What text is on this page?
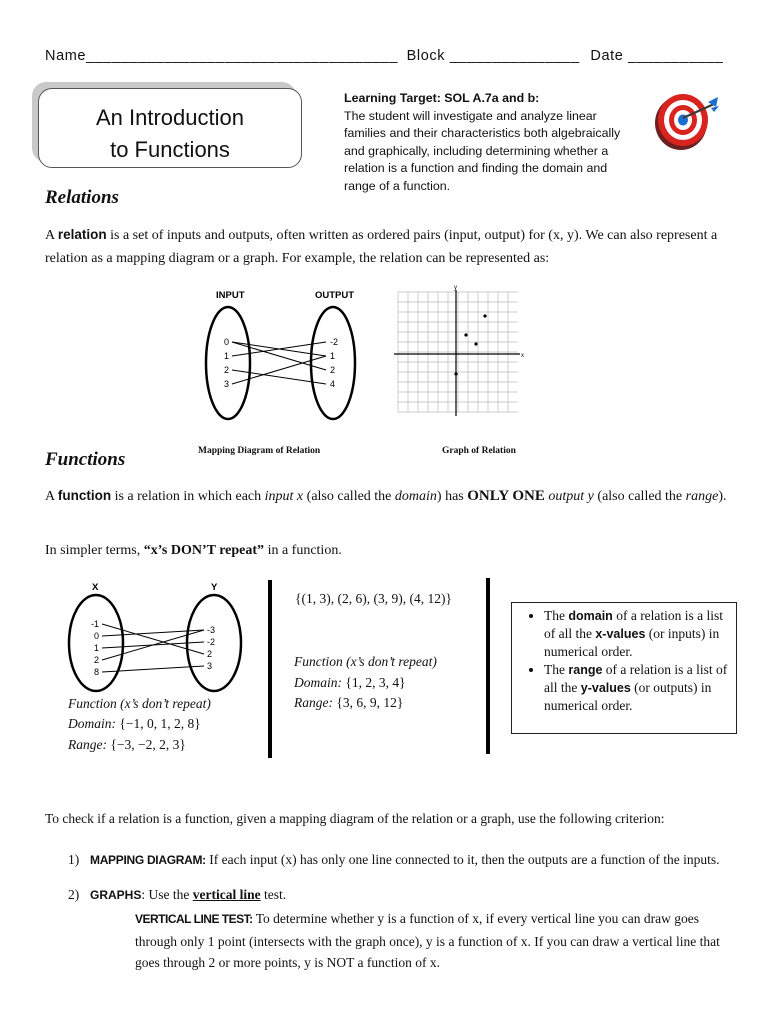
Name____________________________________ Block _______________ Date ___________
An Introduction
to Functions
Learning Target: SOL A.7a and b:
The student will investigate and analyze linear families and their characteristics both algebraically and graphically, including determining whether a relation is a function and finding the domain and range of a function.
Relations
A relation is a set of inputs and outputs, often written as ordered pairs (input, output) for (x, y). We can also represent a relation as a mapping diagram or a graph. For example, the relation can be represented as:
INPUT	OUTPUT
0
1
2
3
-2
1
2
4
Mapping Diagram of Relation
y
x
Graph of Relation
Functions
A function is a relation in which each input x (also called the domain) has ONLY ONE output y (also called the range).
In simpler terms, “x’s DON’T repeat” in a function.
X	Y
-1
0
1
2
8
-3
-2
2
3
Function (x’s don’t repeat)
Domain: {−1, 0, 1, 2, 8}
Range: {−3, −2, 2, 3}
{(1, 3), (2, 6), (3, 9), (4, 12)}
Function (x’s don’t repeat)
Domain: {1, 2, 3, 4}
Range: {3, 6, 9, 12}
• The domain of a relation is a list of all the x-values (or inputs) in numerical order.
• The range of a relation is a list of all the y-values (or outputs) in numerical order.
To check if a relation is a function, given a mapping diagram of the relation or a graph, use the following criterion:
1) MAPPING DIAGRAM: If each input (x) has only one line connected to it, then the outputs are a function of the inputs.
2) GRAPHS: Use the vertical line test.
VERTICAL LINE TEST: To determine whether y is a function of x, if every vertical line you can draw goes through only 1 point (intersects with the graph once), y is a function of x. If you can draw a vertical line that goes through 2 or more points, y is NOT a function of x.
